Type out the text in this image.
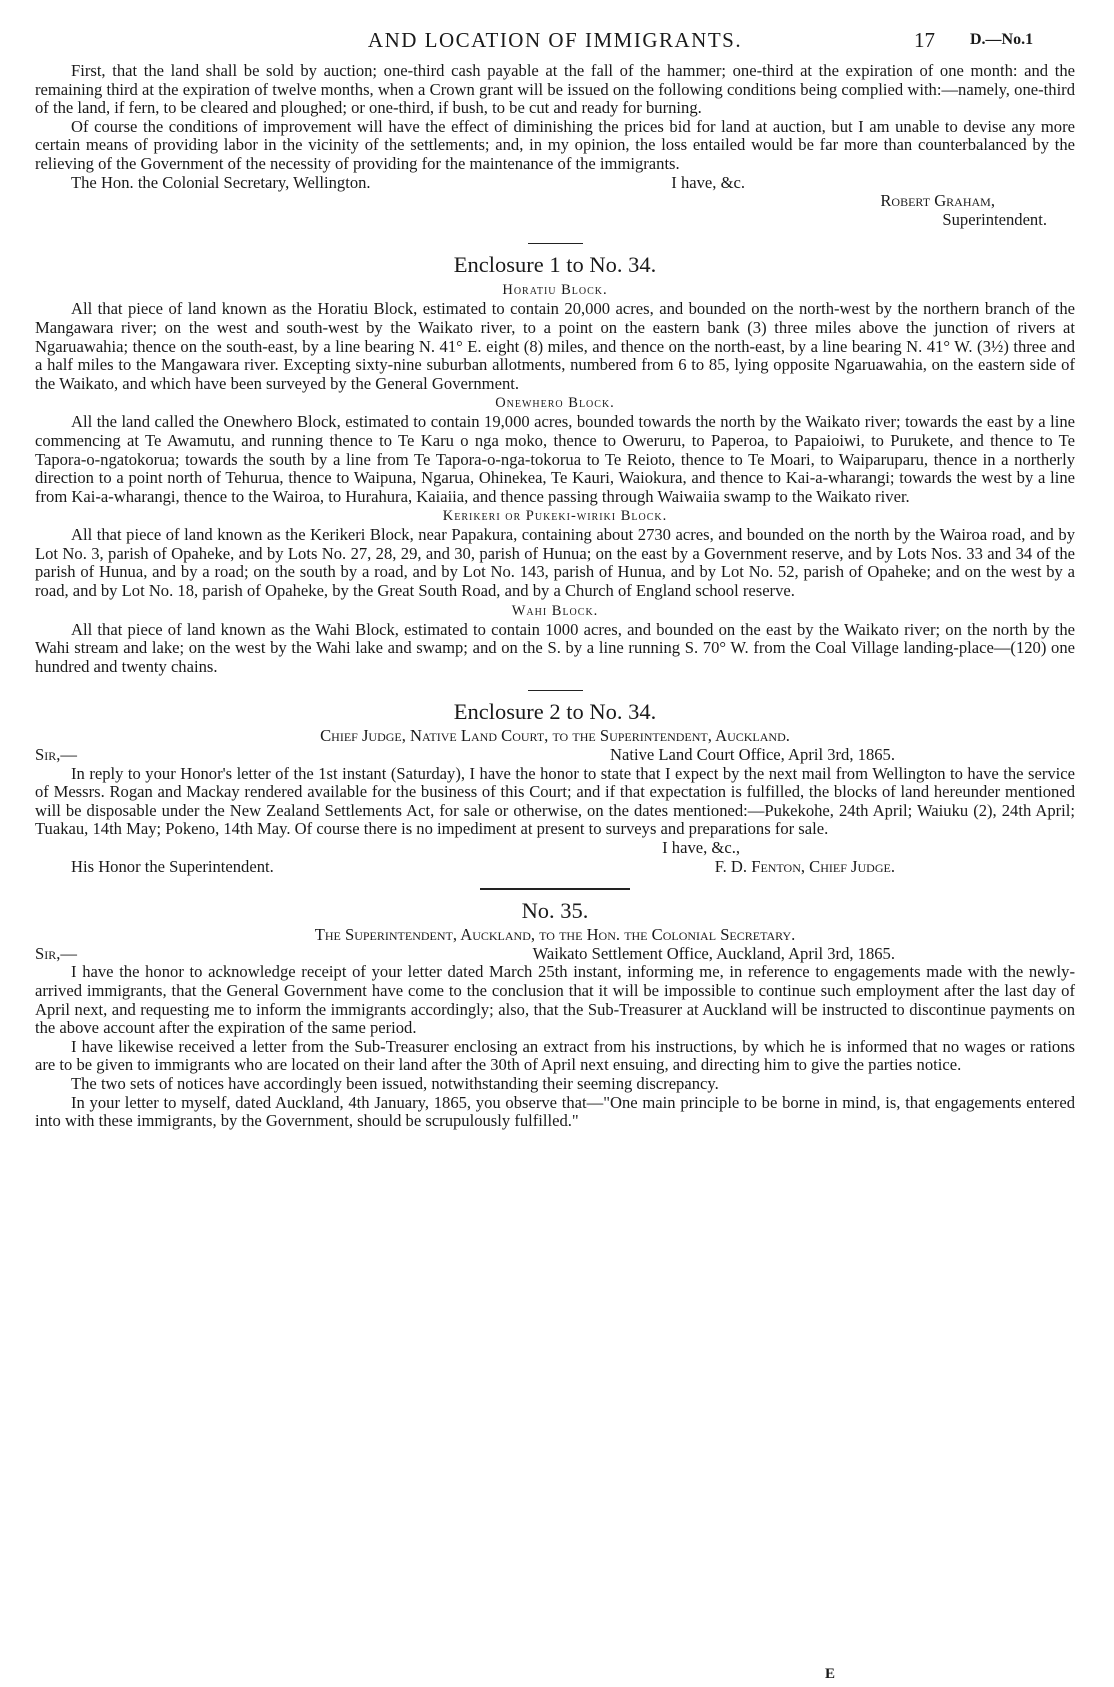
AND LOCATION OF IMMIGRANTS.	17 D.—No.1

First, that the land shall be sold by auction; one-third cash payable at the fall of the hammer; one-third at the expiration of one month: and the remaining third at the expiration of twelve months, when a Crown grant will be issued on the following conditions being complied with:—namely, one-third of the land, if fern, to be cleared and ploughed; or one-third, if bush, to be cut and ready for burning.

Of course the conditions of improvement will have the effect of diminishing the prices bid for land at auction, but I am unable to devise any more certain means of providing labor in the vicinity of the settlements; and, in my opinion, the loss entailed would be far more than counterbalanced by the relieving of the Government of the necessity of providing for the maintenance of the immigrants.

The Hon. the Colonial Secretary, Wellington.	I have, &c.
Robert Graham,
Superintendent.
Enclosure 1 to No. 34.
Horatiu Block.

All that piece of land known as the Horatiu Block, estimated to contain 20,000 acres, and bounded on the north-west by the northern branch of the Mangawara river; on the west and south-west by the Waikato river, to a point on the eastern bank (3) three miles above the junction of rivers at Ngaruawahia; thence on the south-east, by a line bearing N. 41° E. eight (8) miles, and thence on the north-east, by a line bearing N. 41° W. (3½) three and a half miles to the Mangawara river. Excepting sixty-nine suburban allotments, numbered from 6 to 85, lying opposite Ngaruawahia, on the eastern side of the Waikato, and which have been surveyed by the General Government.

Onewhero Block.

All the land called the Onewhero Block, estimated to contain 19,000 acres, bounded towards the north by the Waikato river; towards the east by a line commencing at Te Awamutu, and running thence to Te Karu o nga moko, thence to Oweruru, to Paperoa, to Papaioiwi, to Purukete, and thence to Te Tapora-o-ngatokorua; towards the south by a line from Te Tapora-o-nga-tokorua to Te Reioto, thence to Te Moari, to Waiparuparu, thence in a northerly direction to a point north of Tehurua, thence to Waipuna, Ngarua, Ohinekea, Te Kauri, Waiokura, and thence to Kai-a-wharangi; towards the west by a line from Kai-a-wharangi, thence to the Wairoa, to Hurahura, Kaiaiia, and thence passing through Waiwaiia swamp to the Waikato river.

Kerikeri or Pukeki-wiriki Block.

All that piece of land known as the Kerikeri Block, near Papakura, containing about 2730 acres, and bounded on the north by the Wairoa road, and by Lot No. 3, parish of Opaheke, and by Lots No. 27, 28, 29, and 30, parish of Hunua; on the east by a Government reserve, and by Lots Nos. 33 and 34 of the parish of Hunua, and by a road; on the south by a road, and by Lot No. 143, parish of Hunua, and by Lot No. 52, parish of Opaheke; and on the west by a road, and by Lot No. 18, parish of Opaheke, by the Great South Road, and by a Church of England school reserve.

Wahi Block.

All that piece of land known as the Wahi Block, estimated to contain 1000 acres, and bounded on the east by the Waikato river; on the north by the Wahi stream and lake; on the west by the Wahi lake and swamp; and on the S. by a line running S. 70° W. from the Coal Village landing-place—(120) one hundred and twenty chains.

Enclosure 2 to No. 34.

Chief Judge, Native Land Court, to the Superintendent, Auckland.

Sir,—	Native Land Court Office, April 3rd, 1865.

In reply to your Honor's letter of the 1st instant (Saturday), I have the honor to state that I expect by the next mail from Wellington to have the service of Messrs. Rogan and Mackay rendered available for the business of this Court; and if that expectation is fulfilled, the blocks of land hereunder mentioned will be disposable under the New Zealand Settlements Act, for sale or otherwise, on the dates mentioned:—Pukekohe, 24th April; Waiuku (2), 24th April; Tuakau, 14th May; Pokeno, 14th May. Of course there is no impediment at present to surveys and preparations for sale.

I have, &c.,
His Honor the Superintendent.	F. D. Fenton, Chief Judge.
No. 35.

The Superintendent, Auckland, to the Hon. the Colonial Secretary.

Sir,—	Waikato Settlement Office, Auckland, April 3rd, 1865.

I have the honor to acknowledge receipt of your letter dated March 25th instant, informing me, in reference to engagements made with the newly-arrived immigrants, that the General Government have come to the conclusion that it will be impossible to continue such employment after the last day of April next, and requesting me to inform the immigrants accordingly; also, that the Sub-Treasurer at Auckland will be instructed to discontinue payments on the above account after the expiration of the same period.

I have likewise received a letter from the Sub-Treasurer enclosing an extract from his instructions, by which he is informed that no wages or rations are to be given to immigrants who are located on their land after the 30th of April next ensuing, and directing him to give the parties notice.

The two sets of notices have accordingly been issued, notwithstanding their seeming discrepancy.

In your letter to myself, dated Auckland, 4th January, 1865, you observe that—"One main principle to be borne in mind, is, that engagements entered into with these immigrants, by the Government, should be scrupulously fulfilled."

E
